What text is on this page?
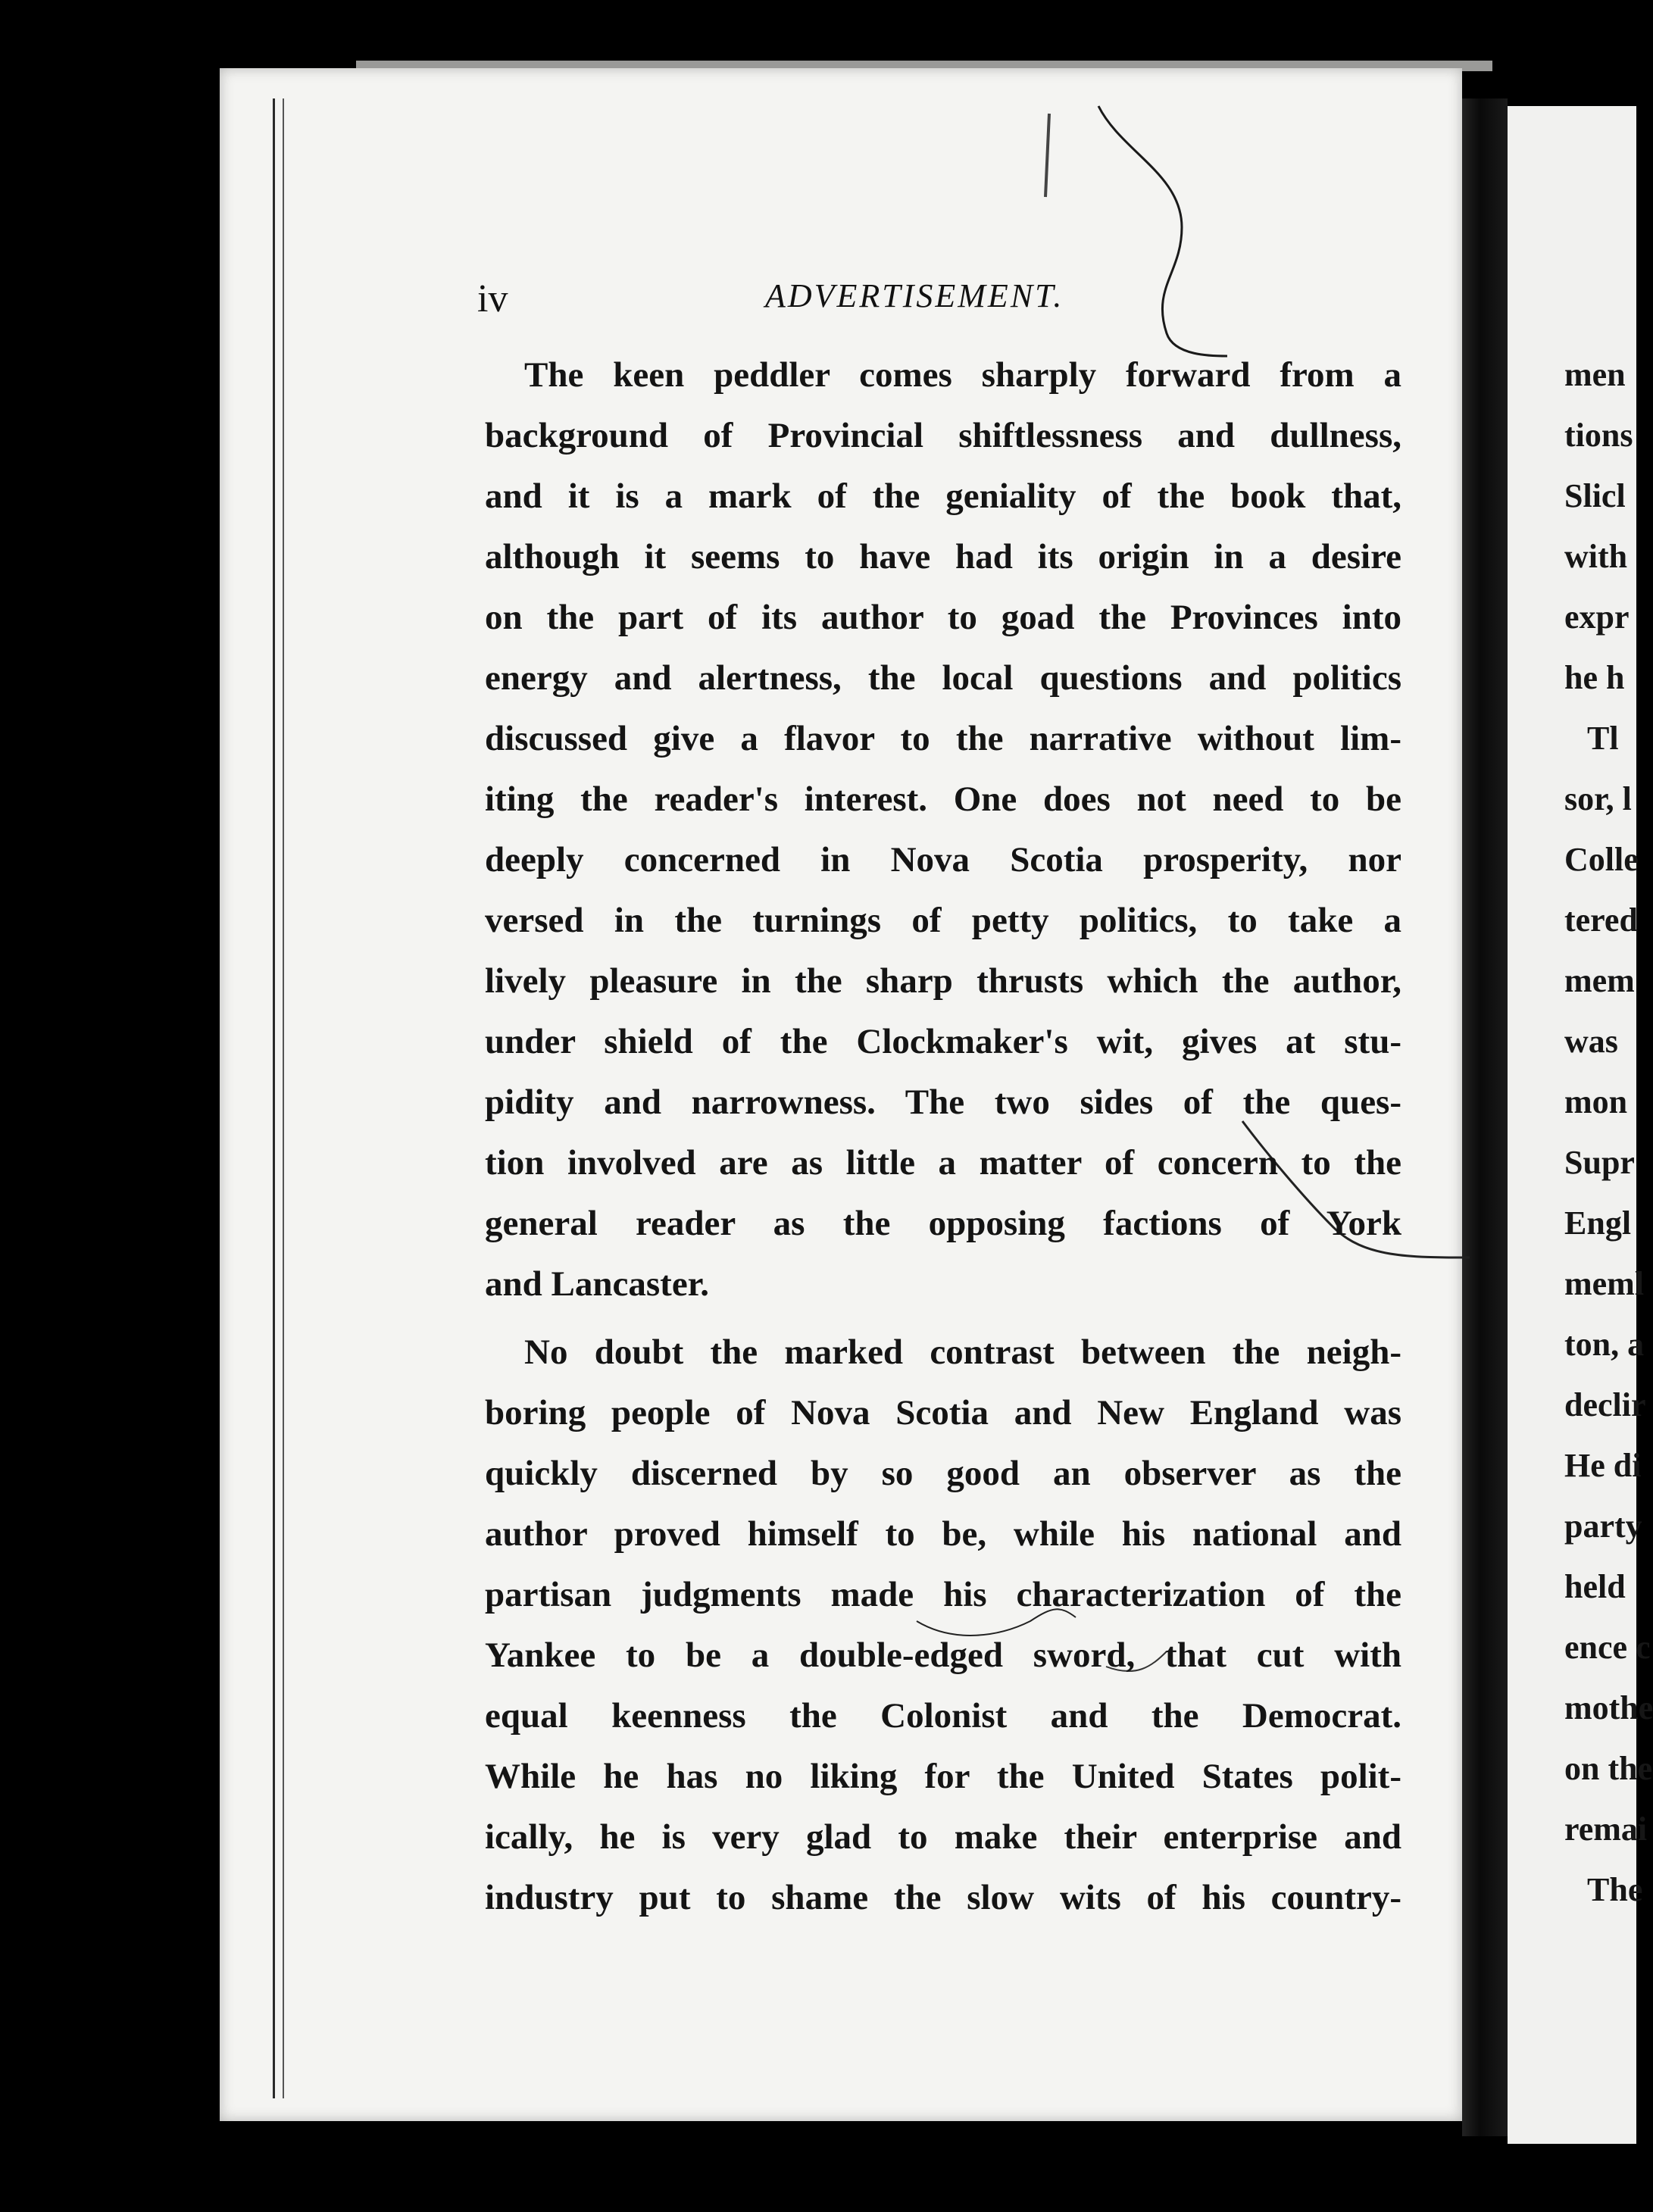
iv	ADVERTISEMENT.
The keen peddler comes sharply forward from a
background of Provincial shiftlessness and dullness,
and it is a mark of the geniality of the book that,
although it seems to have had its origin in a desire
on the part of its author to goad the Provinces into
energy and alertness, the local questions and politics
discussed give a flavor to the narrative without lim-
iting the reader's interest. One does not need to be
deeply concerned in Nova Scotia prosperity, nor
versed in the turnings of petty politics, to take a
lively pleasure in the sharp thrusts which the author,
under shield of the Clockmaker's wit, gives at stu-
pidity and narrowness. The two sides of the ques-
tion involved are as little a matter of concern to the
general reader as the opposing factions of York
and Lancaster.
No doubt the marked contrast between the neigh-
boring people of Nova Scotia and New England was
quickly discerned by so good an observer as the
author proved himself to be, while his national and
partisan judgments made his characterization of the
Yankee to be a double-edged sword, that cut with
equal keenness the Colonist and the Democrat.
While he has no liking for the United States polit-
ically, he is very glad to make their enterprise and
industry put to shame the slow wits of his country-
men
tions
Slicl
with
expr
he h
Tl
sor, l
Colle
tered
mem
was
mon
Supr
Engl
meml
ton, a
declir
He di
party
held
ence c
mothe
on the
remai
The
